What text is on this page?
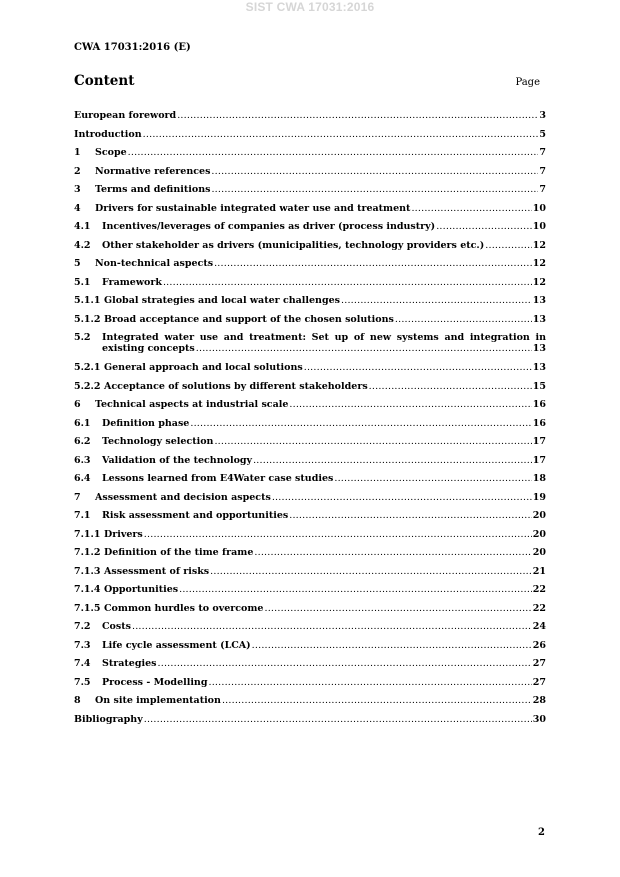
SIST CWA 17031:2016
CWA 17031:2016 (E)
Content	Page
European foreword .....	3
Introduction .....	5
1	Scope .....	7
2	Normative references .....	7
3	Terms and definitions .....	7
4	Drivers for sustainable integrated water use and treatment .....	10
4.1	Incentives/leverages of companies as driver (process industry) .....	10
4.2	Other stakeholder as drivers (municipalities, technology providers etc.) .....	12
5	Non-technical aspects .....	12
5.1	Framework .....	12
5.1.1 Global strategies and local water challenges .....	13
5.1.2 Broad acceptance and support of the chosen solutions .....	13
5.2	Integrated water use and treatment: Set up of new systems and integration in
existing concepts .....	13
5.2.1 General approach and local solutions .....	13
5.2.2 Acceptance of solutions by different stakeholders .....	15
6	Technical aspects at industrial scale .....	16
6.1	Definition phase .....	16
6.2	Technology selection .....	17
6.3	Validation of the technology .....	17
6.4	Lessons learned from E4Water case studies .....	18
7	Assessment and decision aspects .....	19
7.1	Risk assessment and opportunities .....	20
7.1.1 Drivers .....	20
7.1.2 Definition of the time frame .....	20
7.1.3 Assessment of risks .....	21
7.1.4 Opportunities .....	22
7.1.5 Common hurdles to overcome .....	22
7.2	Costs .....	24
7.3	Life cycle assessment (LCA) .....	26
7.4	Strategies .....	27
7.5	Process - Modelling .....	27
8	On site implementation .....	28
Bibliography .....	30
2
